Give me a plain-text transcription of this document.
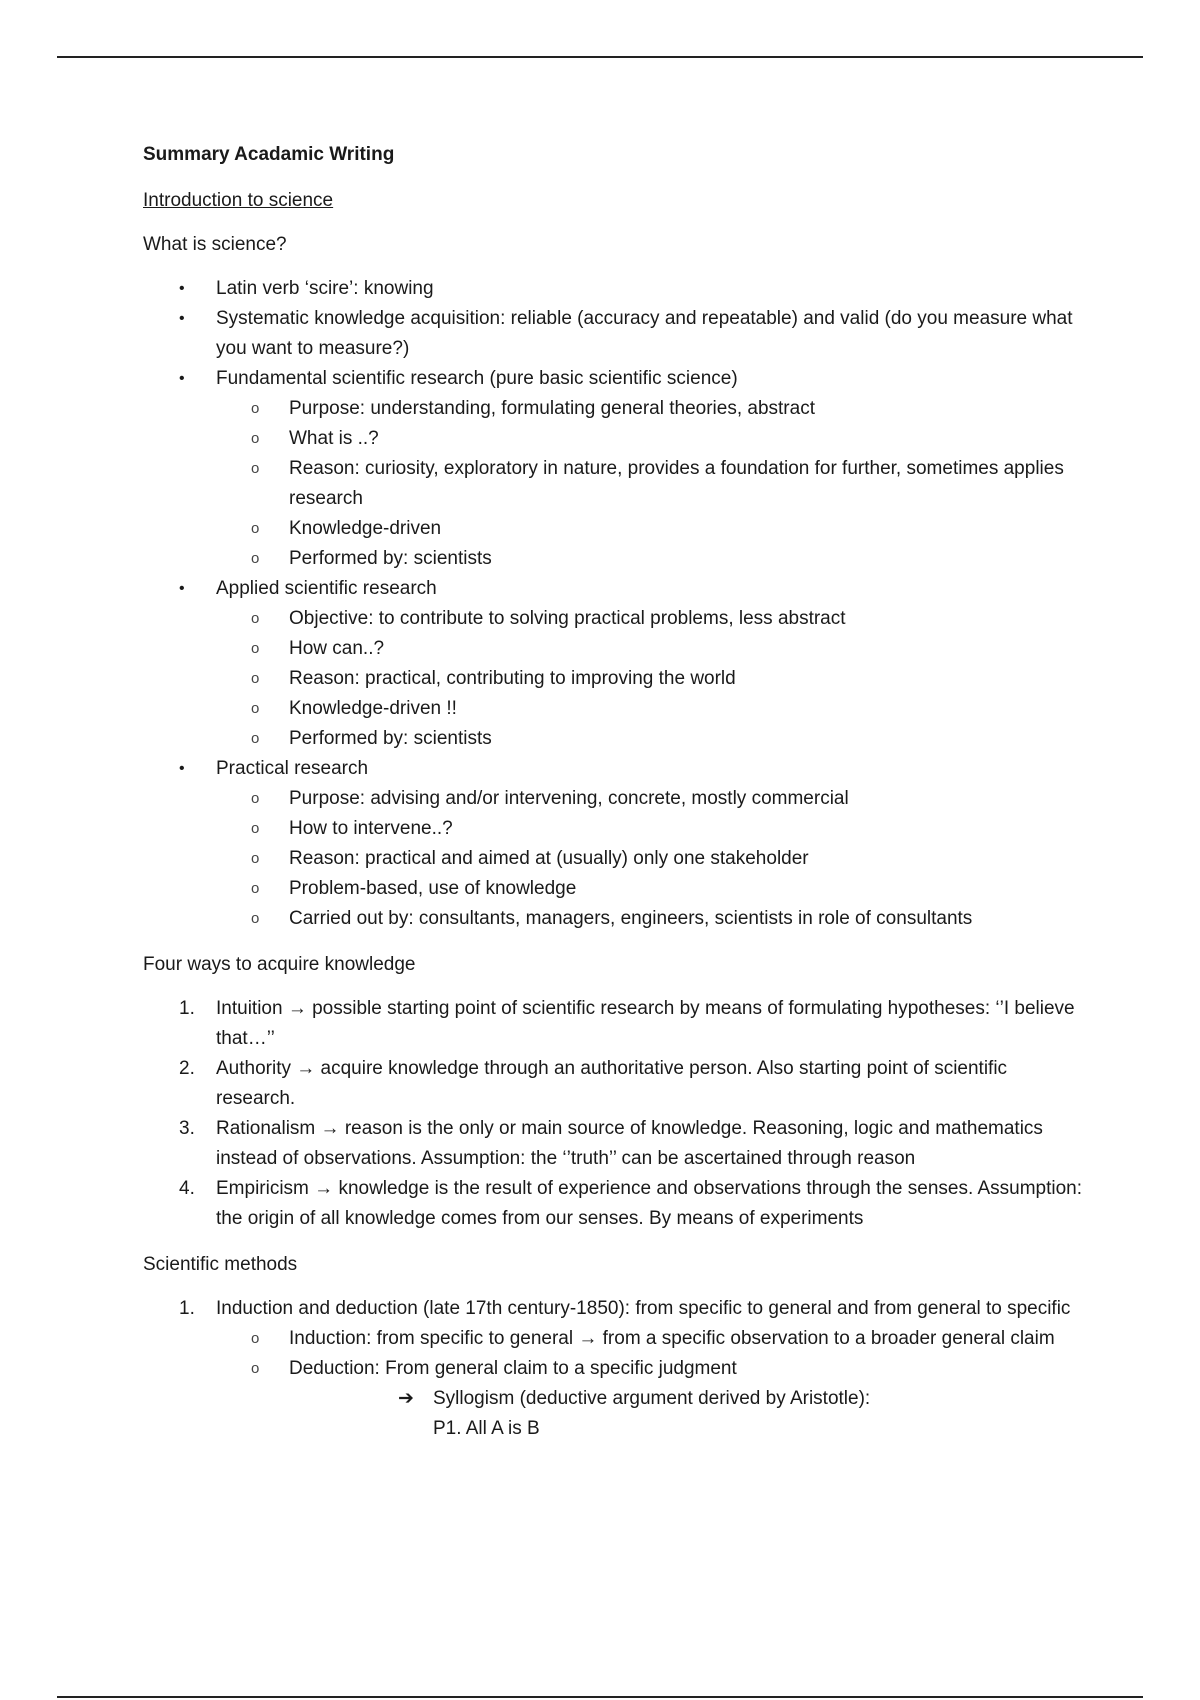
Summary Acadamic Writing

Introduction to science

What is science?

•	Latin verb ‘scire’: knowing
•	Systematic knowledge acquisition: reliable (accuracy and repeatable) and valid (do you measure what you want to measure?)
•	Fundamental scientific research (pure basic scientific science)
o Purpose: understanding, formulating general theories, abstract
o What is ..?
o Reason: curiosity, exploratory in nature, provides a foundation for further, sometimes applies research
o Knowledge-driven
o Performed by: scientists
•	Applied scientific research
o Objective: to contribute to solving practical problems, less abstract
o How can..?
o Reason: practical, contributing to improving the world
o Knowledge-driven !!
o Performed by: scientists
•	Practical research
o Purpose: advising and/or intervening, concrete, mostly commercial
o How to intervene..?
o Reason: practical and aimed at (usually) only one stakeholder
o Problem-based, use of knowledge
o Carried out by: consultants, managers, engineers, scientists in role of consultants

Four ways to acquire knowledge

1.	Intuition → possible starting point of scientific research by means of formulating hypotheses: ‘’I believe that…’’
2.	Authority → acquire knowledge through an authoritative person. Also starting point of scientific research.
3.	Rationalism → reason is the only or main source of knowledge. Reasoning, logic and mathematics instead of observations. Assumption: the ‘’truth’’ can be ascertained through reason
4.	Empiricism → knowledge is the result of experience and observations through the senses. Assumption: the origin of all knowledge comes from our senses. By means of experiments

Scientific methods

1.	Induction and deduction (late 17th century-1850): from specific to general and from general to specific
o Induction: from specific to general → from a specific observation to a broader general claim
o Deduction: From general claim to a specific judgment
➔ Syllogism (deductive argument derived by Aristotle):
P1. All A is B
